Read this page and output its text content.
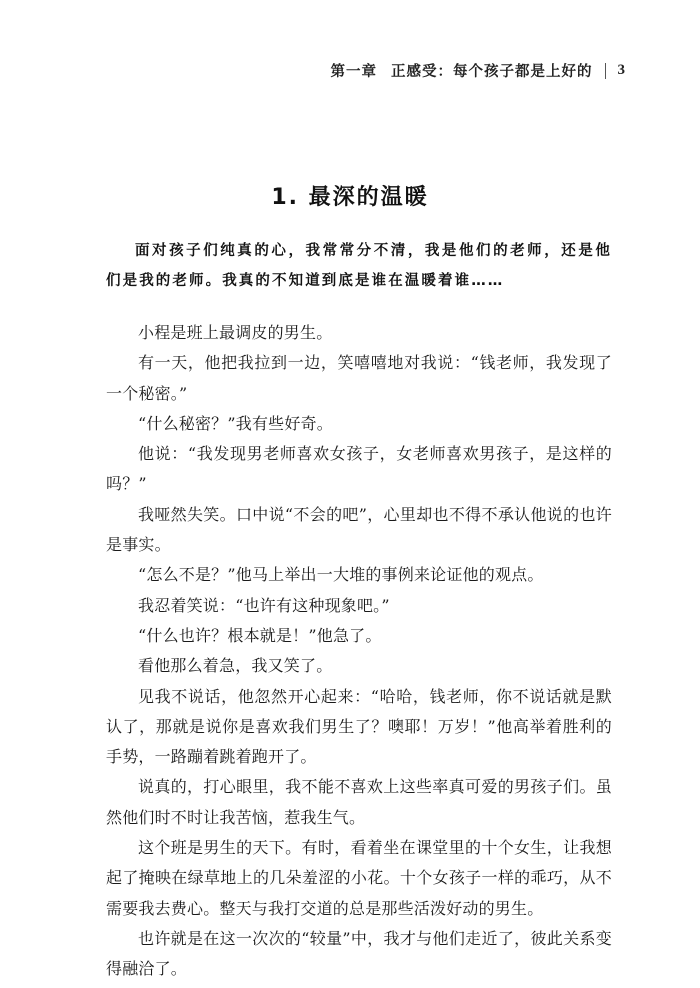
第一章 正感受：每个孩子都是上好的 3
1. 最深的温暖
面对孩子们纯真的心，我常常分不清，我是他们的老师，还是他们是我的老师。我真的不知道到底是谁在温暖着谁……

小程是班上最调皮的男生。

有一天，他把我拉到一边，笑嘻嘻地对我说：“钱老师，我发现了一个秘密。”

“什么秘密？”我有些好奇。

他说：“我发现男老师喜欢女孩子，女老师喜欢男孩子，是这样的吗？”

我哑然失笑。口中说“不会的吧”，心里却也不得不承认他说的也许是事实。

“怎么不是？”他马上举出一大堆的事例来论证他的观点。

我忍着笑说：“也许有这种现象吧。”

“什么也许？根本就是！”他急了。

看他那么着急，我又笑了。

见我不说话，他忽然开心起来：“哈哈，钱老师，你不说话就是默认了，那就是说你是喜欢我们男生了？噢耶！万岁！”他高举着胜利的手势，一路蹦着跳着跑开了。

说真的，打心眼里，我不能不喜欢上这些率真可爱的男孩子们。虽然他们时不时让我苦恼，惹我生气。

这个班是男生的天下。有时，看着坐在课堂里的十个女生，让我想起了掩映在绿草地上的几朵羞涩的小花。十个女孩子一样的乖巧，从不需要我去费心。整天与我打交道的总是那些活泼好动的男生。

也许就是在这一次次的“较量”中，我才与他们走近了，彼此关系变得融洽了。
